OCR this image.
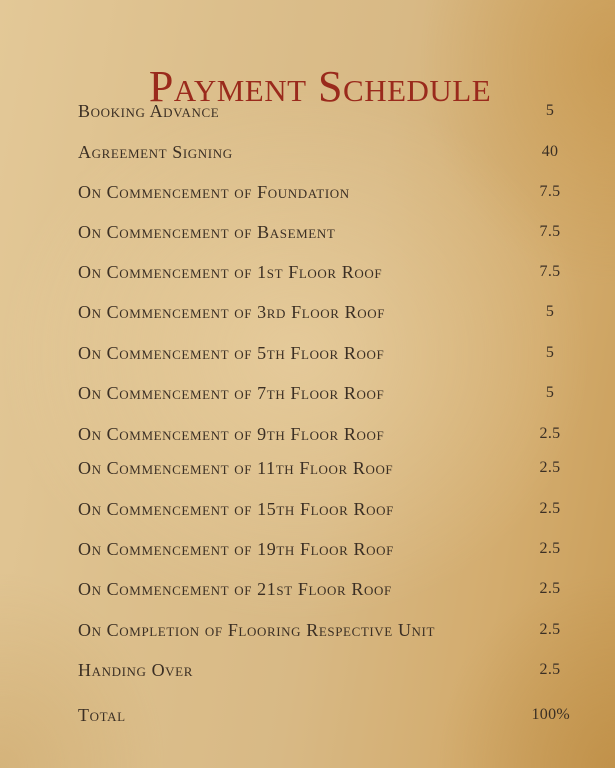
Payment Schedule
Booking Advance	5
Agreement Signing	40
On Commencement of Foundation	7.5
On Commencement of Basement	7.5
On Commencement of 1st Floor Roof	7.5
On Commencement of 3rd Floor Roof	5
On Commencement of 5th Floor Roof	5
On Commencement of 7th Floor Roof	5
On Commencement of 9th Floor Roof	2.5
On Commencement of 11th Floor Roof	2.5
On Commencement of 15th Floor Roof	2.5
On Commencement of 19th Floor Roof	2.5
On Commencement of 21st Floor Roof	2.5
On Completion of Flooring Respective Unit	2.5
Handing Over	2.5
Total	100%
